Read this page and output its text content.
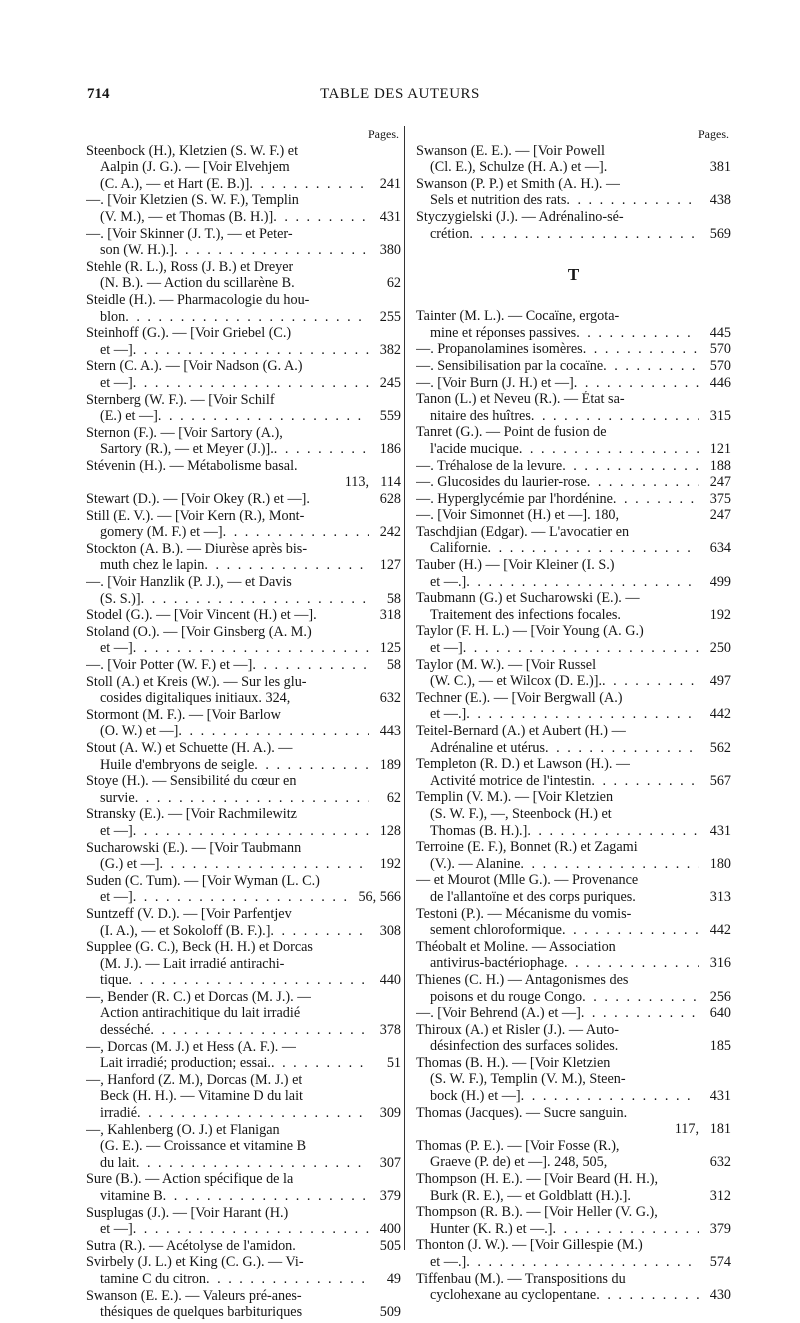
714	TABLE DES AUTEURS
Pages.
Steenbock (H.), Kletzien (S. W. F.) et
Aalpin (J. G.). — [Voir Elvehjem
(C. A.), — et Hart (E. B.)] . . .	241
—. [Voir Kletzien (S. W. F.), Templin
(V. M.), — et Thomas (B. H.)] . . .	431
—. [Voir Skinner (J. T.), — et Peter-
son (W. H.).] . . .	380
Stehle (R. L.), Ross (J. B.) et Dreyer
(N. B.). — Action du scillarène B.	62
Steidle (H.). — Pharmacologie du hou-
blon . . .	255
Steinhoff (G.). — [Voir Griebel (C.)
et —] . . .	382
Stern (C. A.). — [Voir Nadson (G. A.)
et —] . . .	245
Sternberg (W. F.). — [Voir Schilf
(E.) et —] . . .	559
Sternon (F.). — [Voir Sartory (A.),
Sartory (R.), — et Meyer (J.)]. . . .	186
Stévenin (H.). — Métabolisme basal.
113, 114
Stewart (D.). — [Voir Okey (R.) et —].	628
Still (E. V.). — [Voir Kern (R.), Mont-
gomery (M. F.) et —] . . .	242
Stockton (A. B.). — Diurèse après bis-
muth chez le lapin . . .	127
—. [Voir Hanzlik (P. J.), — et Davis
(S. S.)] . . .	58
Stodel (G.). — [Voir Vincent (H.) et —].	318
Stoland (O.). — [Voir Ginsberg (A. M.)
et —] . . .	125
—. [Voir Potter (W. F.) et —] . . .	58
Stoll (A.) et Kreis (W.). — Sur les glu-
cosides digitaliques initiaux. 324,	632
Stormont (M. F.). — [Voir Barlow
(O. W.) et —] . . .	443
Stout (A. W.) et Schuette (H. A.). —
Huile d'embryons de seigle . . .	189
Stoye (H.). — Sensibilité du cœur en
survie . . .	62
Stransky (E.). — [Voir Rachmilewitz
et —] . . .	128
Sucharowski (E.). — [Voir Taubmann
(G.) et —] . . .	192
Suden (C. Tum). — [Voir Wyman (L. C.)
et —] . . .	56, 566
Suntzeff (V. D.). — [Voir Parfentjev
(I. A.), — et Sokoloff (B. F.).] . . .	308
Supplee (G. C.), Beck (H. H.) et Dorcas
(M. J.). — Lait irradié antirachi-
tique . . .	440
—, Bender (R. C.) et Dorcas (M. J.). —
Action antirachitique du lait irradié
desséché . . .	378
—, Dorcas (M. J.) et Hess (A. F.). —
Lait irradié; production; essai. . . .	51
—, Hanford (Z. M.), Dorcas (M. J.) et
Beck (H. H.). — Vitamine D du lait
irradié . . .	309
—, Kahlenberg (O. J.) et Flanigan
(G. E.). — Croissance et vitamine B
du lait . . .	307
Sure (B.). — Action spécifique de la
vitamine B . . .	379
Susplugas (J.). — [Voir Harant (H.)
et —] . . .	400
Sutra (R.). — Acétolyse de l'amidon.	505
Svirbely (J. L.) et King (C. G.). — Vi-
tamine C du citron . . .	49
Swanson (E. E.). — Valeurs pré-anes-
thésiques de quelques barbituriques	509
Pages.
Swanson (E. E.). — [Voir Powell
(Cl. E.), Schulze (H. A.) et —].	381
Swanson (P. P.) et Smith (A. H.). —
Sels et nutrition des rats . . .	438
Styczygielski (J.). — Adrénalino-sé-
crétion . . .	569
T
Tainter (M. L.). — Cocaïne, ergota-
mine et réponses passives . . .	445
—. Propanolamines isomères . . .	570
—. Sensibilisation par la cocaïne . . .	570
—. [Voir Burn (J. H.) et —] . . .	446
Tanon (L.) et Neveu (R.). — État sa-
nitaire des huîtres . . .	315
Tanret (G.). — Point de fusion de
l'acide mucique . . .	121
—. Tréhalose de la levure . . .	188
—. Glucosides du laurier-rose . . .	247
—. Hyperglycémie par l'hordénine . . .	375
—. [Voir Simonnet (H.) et —]. 180,	247
Taschdjian (Edgar). — L'avocatier en
Californie . . .	634
Tauber (H.) — [Voir Kleiner (I. S.)
et —.] . . .	499
Taubmann (G.) et Sucharowski (E.). —
Traitement des infections focales.	192
Taylor (F. H. L.) — [Voir Young (A. G.)
et —] . . .	250
Taylor (M. W.). — [Voir Russel
(W. C.), — et Wilcox (D. E.)]. . . .	497
Techner (E.). — [Voir Bergwall (A.)
et —.] . . .	442
Teitel-Bernard (A.) et Aubert (H.) —
Adrénaline et utérus . . .	562
Templeton (R. D.) et Lawson (H.). —
Activité motrice de l'intestin . . .	567
Templin (V. M.). — [Voir Kletzien
(S. W. F.), —, Steenbock (H.) et
Thomas (B. H.).] . . .	431
Terroine (E. F.), Bonnet (R.) et Zagami
(V.). — Alanine . . .	180
— et Mourot (Mlle G.). — Provenance
de l'allantoïne et des corps puriques.	313
Testoni (P.). — Mécanisme du vomis-
sement chloroformique . . .	442
Théobalt et Moline. — Association
antivirus-bactériophage . . .	316
Thienes (C. H.) — Antagonismes des
poisons et du rouge Congo . . .	256
—. [Voir Behrend (A.) et —] . . .	640
Thiroux (A.) et Risler (J.). — Auto-
désinfection des surfaces solides.	185
Thomas (B. H.). — [Voir Kletzien
(S. W. F.), Templin (V. M.), Steen-
bock (H.) et —] . . .	431
Thomas (Jacques). — Sucre sanguin.
117, 181
Thomas (P. E.). — [Voir Fosse (R.),
Graeve (P. de) et —]. 248, 505,	632
Thompson (H. E.). — [Voir Beard (H. H.),
Burk (R. E.), — et Goldblatt (H.).].	312
Thompson (R. B.). — [Voir Heller (V. G.),
Hunter (K. R.) et —.] . . .	379
Thonton (J. W.). — [Voir Gillespie (M.)
et —.] . . .	574
Tiffenbau (M.). — Transpositions du
cyclohexane au cyclopentane . . .	430
